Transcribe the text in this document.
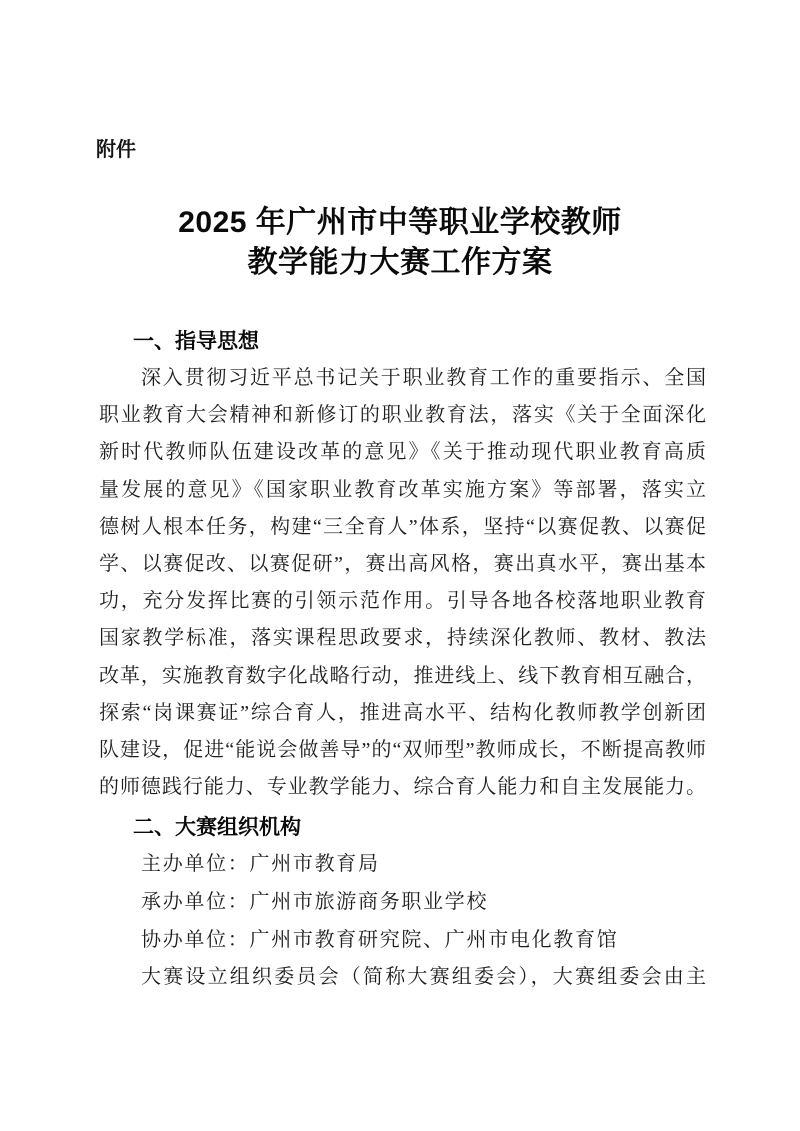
附件
2025 年广州市中等职业学校教师
教学能力大赛工作方案
一、指导思想
深入贯彻习近平总书记关于职业教育工作的重要指示、全国
职业教育大会精神和新修订的职业教育法，落实《关于全面深化
新时代教师队伍建设改革的意见》《关于推动现代职业教育高质
量发展的意见》《国家职业教育改革实施方案》等部署，落实立
德树人根本任务，构建“三全育人”体系，坚持“以赛促教、以赛促
学、以赛促改、以赛促研”，赛出高风格，赛出真水平，赛出基本
功，充分发挥比赛的引领示范作用。引导各地各校落地职业教育
国家教学标准，落实课程思政要求，持续深化教师、教材、教法
改革，实施教育数字化战略行动，推进线上、线下教育相互融合，
探索“岗课赛证”综合育人，推进高水平、结构化教师教学创新团
队建设，促进“能说会做善导”的“双师型”教师成长，不断提高教师
的师德践行能力、专业教学能力、综合育人能力和自主发展能力。
二、大赛组织机构
主办单位：广州市教育局
承办单位：广州市旅游商务职业学校
协办单位：广州市教育研究院、广州市电化教育馆
大赛设立组织委员会（简称大赛组委会），大赛组委会由主
